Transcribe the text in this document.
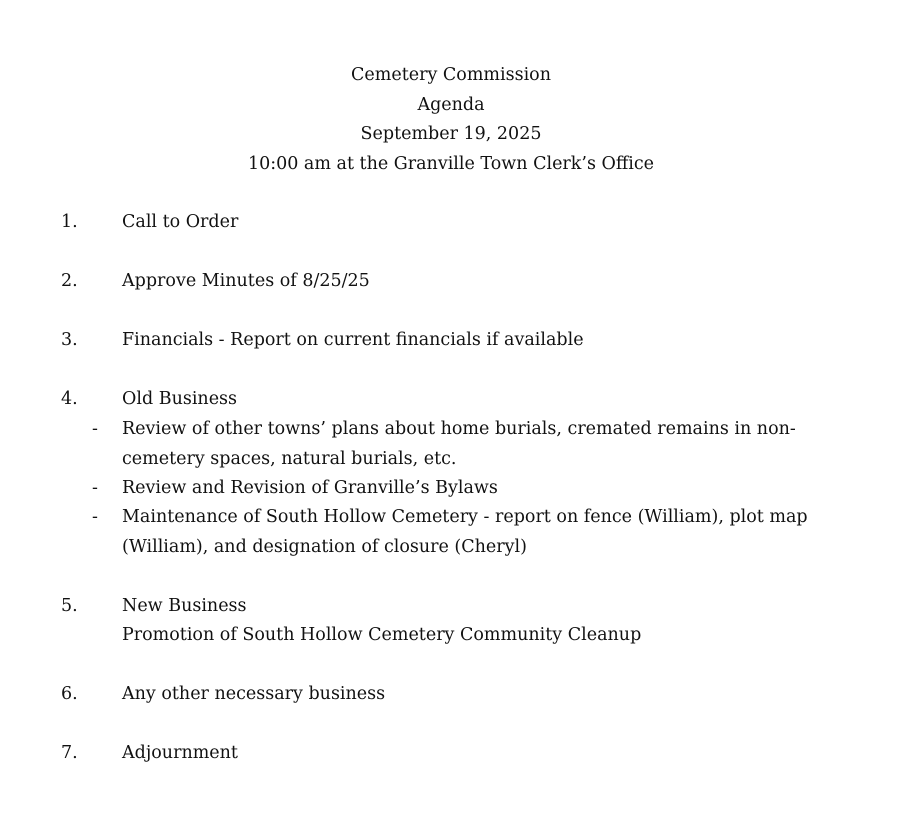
Cemetery Commission
Agenda
September 19, 2025
10:00 am at the Granville Town Clerk’s Office
1.	Call to Order
2.	Approve Minutes of 8/25/25
3.	Financials - Report on current financials if available
4.	Old Business
- Review of other towns’ plans about home burials, cremated remains in non-cemetery spaces, natural burials, etc.
- Review and Revision of Granville’s Bylaws
- Maintenance of South Hollow Cemetery - report on fence (William), plot map (William), and designation of closure (Cheryl)
5.	New Business
Promotion of South Hollow Cemetery Community Cleanup
6.	Any other necessary business
7.	Adjournment
